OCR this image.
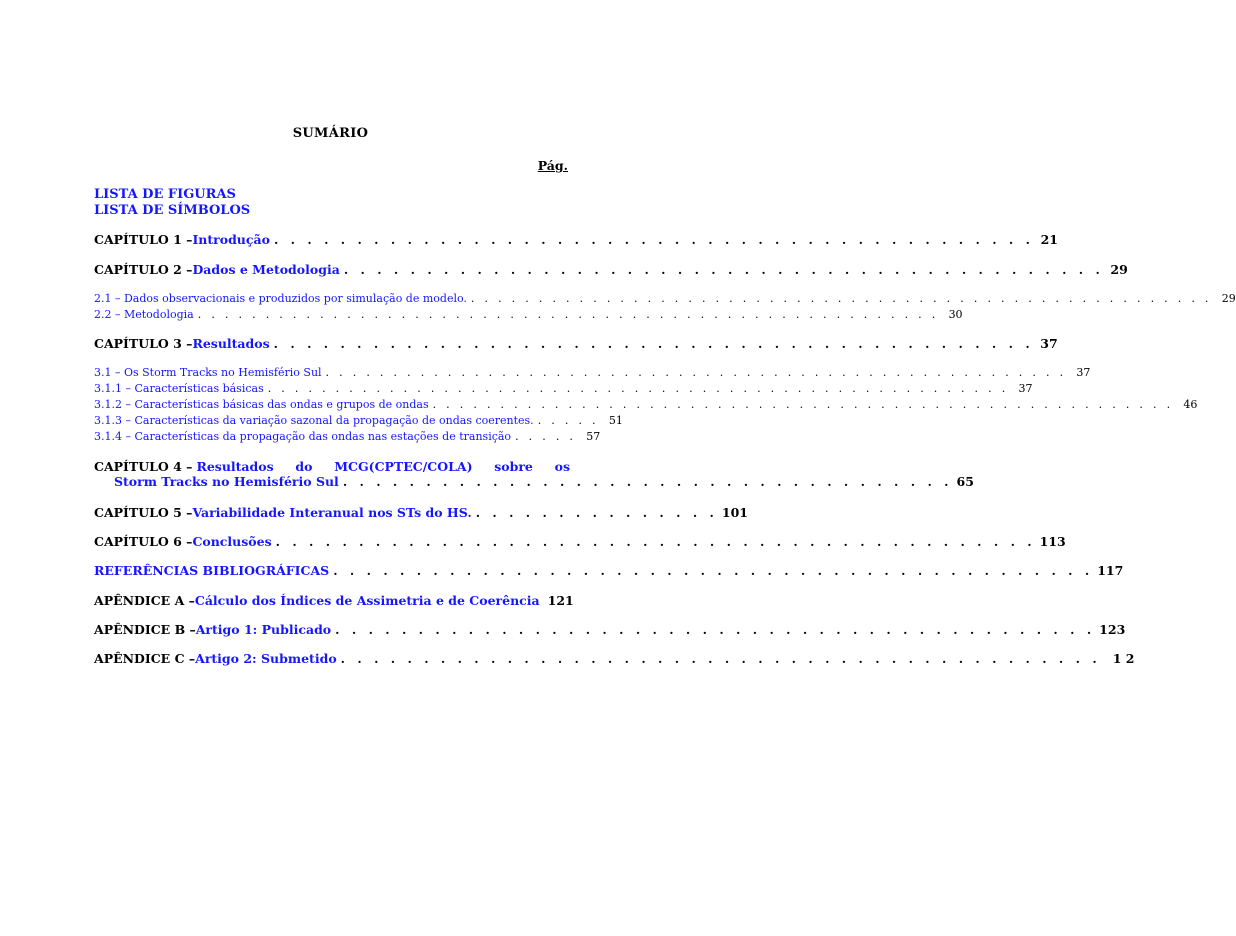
SUMÁRIO
Pág.
LISTA DE FIGURAS
LISTA DE SÍMBOLOS
CAPÍTULO 1 – Introdução . . . . . . . . . . . . . . . . . . . . . . . . . . . . . . . . . . . . . . . . . . . . . . 21
CAPÍTULO 2 – Dados e Metodologia . . . . . . . . . . . . . . . . . . . . . . . . . . . . . . . . . . . . . . . . . . . . . . 29
2.1 – Dados observacionais e produzidos por simulação de modelo. . . . . . . . . . . . . . . . . . . . . . . . . . . . . . . . . . . . . . . . . . . . . . . . . . . . . . . . 29
2.2 – Metodologia . . . . . . . . . . . . . . . . . . . . . . . . . . . . . . . . . . . . . . . . . . . . . . . . . . . . . . . 30
CAPÍTULO 3 – Resultados . . . . . . . . . . . . . . . . . . . . . . . . . . . . . . . . . . . . . . . . . . . . . . 37
3.1 – Os Storm Tracks no Hemisfério Sul . . . . . . . . . . . . . . . . . . . . . . . . . . . . . . . . . . . . . . . . . . . . . . . . . . . . . . . 37
3.1.1 – Características básicas . . . . . . . . . . . . . . . . . . . . . . . . . . . . . . . . . . . . . . . . . . . . . . . . . . . . . . . 37
3.1.2 – Características básicas das ondas e grupos de ondas . . . . . . . . . . . . . . . . . . . . . . . . . . . . . . . . . . . . . . . . . . . . . . . . . . . . . . . 46
3.1.3 – Características da variação sazonal da propagação de ondas coerentes. . . . . . 51
3.1.4 – Características da propagação das ondas nas estações de transição . . . . . 57
CAPÍTULO 4 – Resultados do MCG(CPTEC/COLA) sobre os
Storm Tracks no Hemisfério Sul . . . . . . . . . . . . . . . . . . . . . . . . . . . . . . . . . . . . . 65
CAPÍTULO 5 – Variabilidade Interanual nos STs do HS. . . . . . . . . . . . . . . . 101
CAPÍTULO 6 – Conclusões . . . . . . . . . . . . . . . . . . . . . . . . . . . . . . . . . . . . . . . . . . . . . . 113
REFERÊNCIAS BIBLIOGRÁFICAS . . . . . . . . . . . . . . . . . . . . . . . . . . . . . . . . . . . . . . . . . . . . . . 117
APÊNDICE A – Cálculo dos Índices de Assimetria e de Coerência 121
APÊNDICE B – Artigo 1: Publicado . . . . . . . . . . . . . . . . . . . . . . . . . . . . . . . . . . . . . . . . . . . . . . 123
APÊNDICE C – Artigo 2: Submetido . . . . . . . . . . . . . . . . . . . . . . . . . . . . . . . . . . . . . . . . . . . . . . 1 2
